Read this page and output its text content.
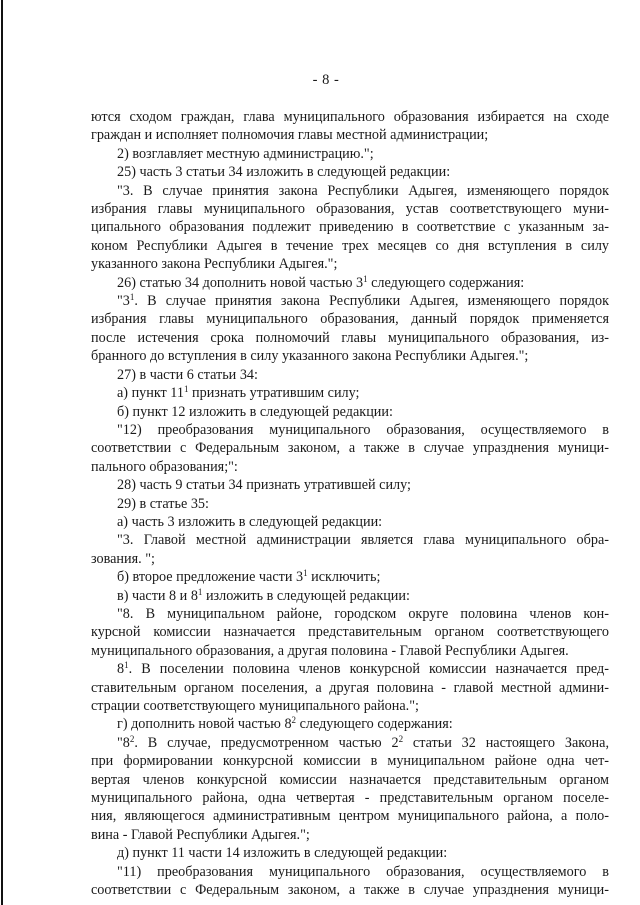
- 8 -

ются сходом граждан, глава муниципального образования избирается на сходе

граждан и исполняет полномочия главы местной администрации;

2) возглавляет местную администрацию.";

25) часть 3 статьи 34 изложить в следующей редакции:

"3. В случае принятия закона Республики Адыгея, изменяющего порядок

избрания главы муниципального образования, устав соответствующего муни-

ципального образования подлежит приведению в соответствие с указанным за-

коном Республики Адыгея в течение трех месяцев со дня вступления в силу

указанного закона Республики Адыгея.";

26) статью 34 дополнить новой частью $3^1$ следующего содержания:

"$3^1$. В случае принятия закона Республики Адыгея, изменяющего порядок

избрания главы муниципального образования, данный порядок применяется

после истечения срока полномочий главы муниципального образования, из-

бранного до вступления в силу указанного закона Республики Адыгея.";

27) в части 6 статьи 34:

а) пункт $11^1$ признать утратившим силу;

б) пункт 12 изложить в следующей редакции:

"12) преобразования муниципального образования, осуществляемого в

соответствии с Федеральным законом, а также в случае упразднения муници-

пального образования;":

28) часть 9 статьи 34 признать утратившей силу;

29) в статье 35:

а) часть 3 изложить в следующей редакции:

"3. Главой местной администрации является глава муниципального обра-

зования. ";

б) второе предложение части $3^1$ исключить;

в) части 8 и $8^1$ изложить в следующей редакции:

"8. В муниципальном районе, городском округе половина членов кон-

курсной комиссии назначается представительным органом соответствующего

муниципального образования, а другая половина - Главой Республики Адыгея.

$8^1$. В поселении половина членов конкурсной комиссии назначается пред-

ставительным органом поселения, а другая половина - главой местной админи-

страции соответствующего муниципального района.";

г) дополнить новой частью $8^2$ следующего содержания:

"$8^2$. В случае, предусмотренном частью $2^2$ статьи 32 настоящего Закона,

при формировании конкурсной комиссии в муниципальном районе одна чет-

вертая членов конкурсной комиссии назначается представительным органом

муниципального района, одна четвертая - представительным органом поселе-

ния, являющегося административным центром муниципального района, а поло-

вина - Главой Республики Адыгея.";

д) пункт 11 части 14 изложить в следующей редакции:

"11) преобразования муниципального образования, осуществляемого в

соответствии с Федеральным законом, а также в случае упразднения муници-
